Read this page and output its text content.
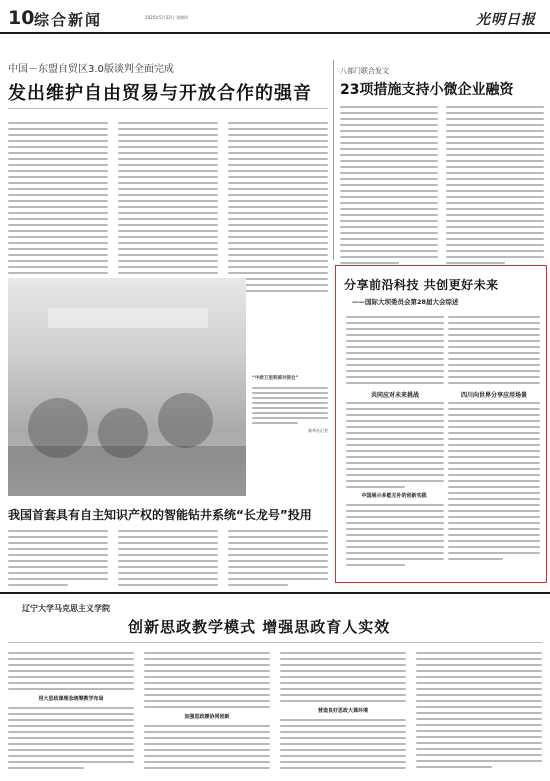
10 综合新闻	2025年5月22日 星期四	光明日报
中国－东盟自贸区3.0版谈判全面完成
发出维护自由贸易与开放合作的强音
“中欧万里铁骑对接会”
新华社记者
八部门联合发文
23项措施支持小微企业融资
我国首套具有自主知识产权的智能钻井系统“长龙号”投用
分享前沿科技 共创更好未来
——国际大坝委员会第28届大会综述
共同应对未来挑战	四川向世界分享应用场景
中国展示多能互补的创新实践
辽宁大学马克思主义学院
创新思政教学模式 增强思政育人实效
用大思政课理念统筹教学布局
加强思政課协同创新
营造良好思政大课环境
